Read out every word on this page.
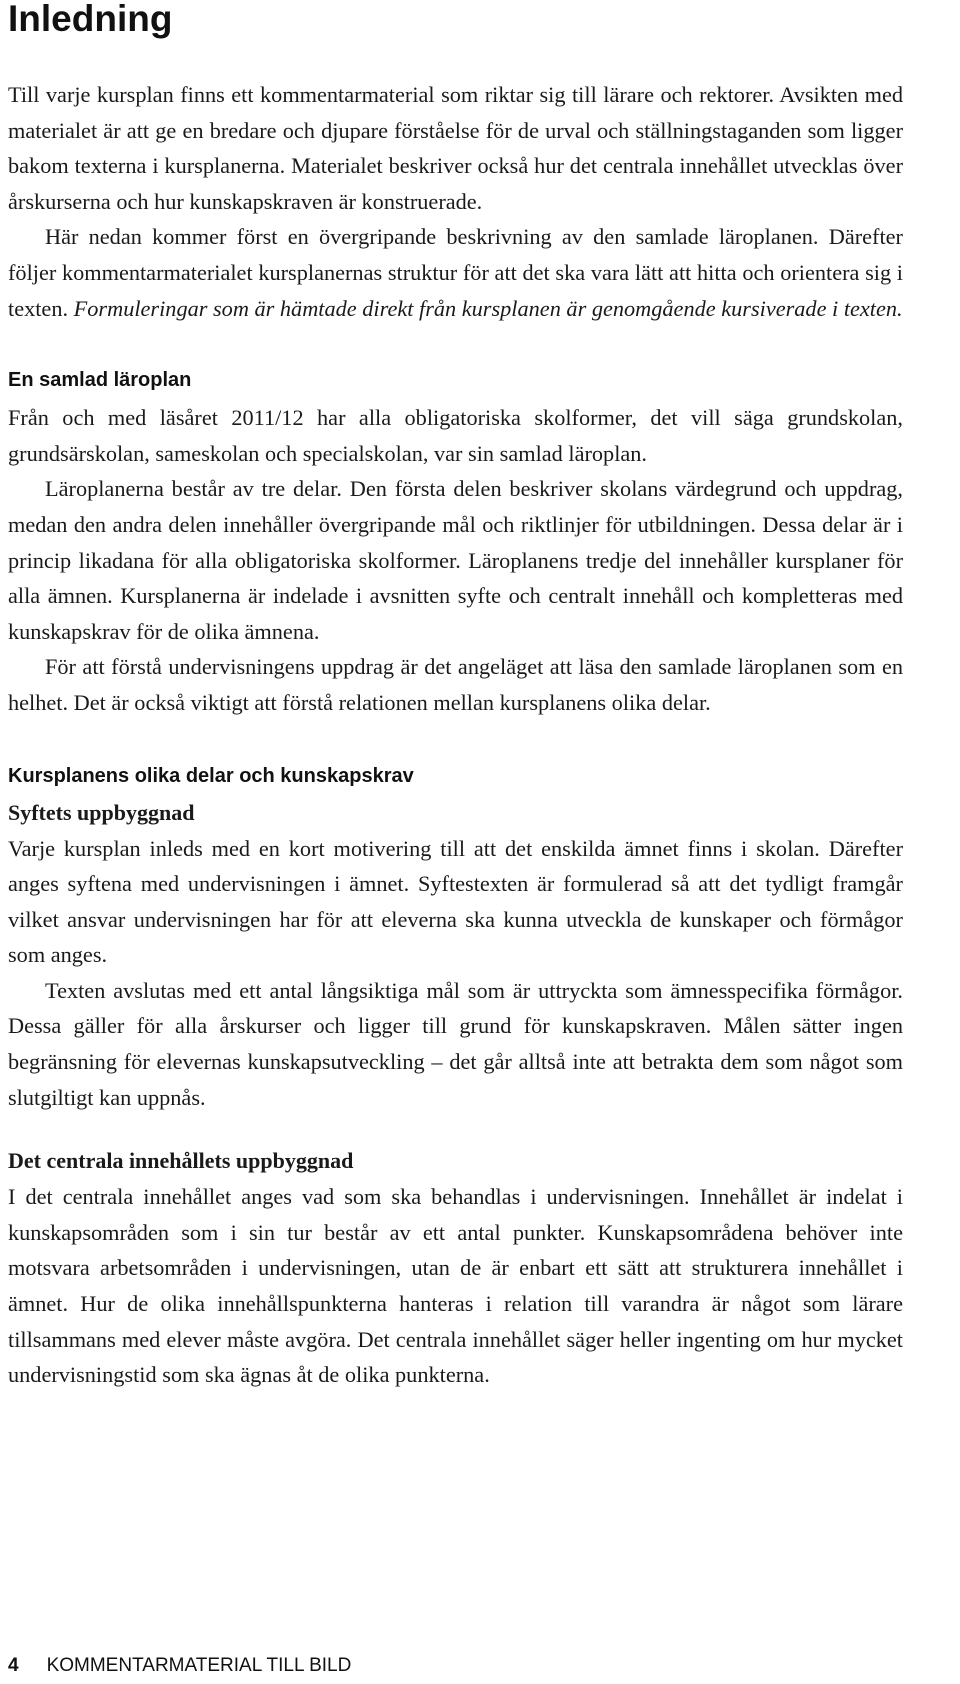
Inledning

Till varje kursplan finns ett kommentarmaterial som riktar sig till lärare och rektorer. Avsikten med materialet är att ge en bredare och djupare förståelse för de urval och ställningstaganden som ligger bakom texterna i kursplanerna. Materialet beskriver också hur det centrala innehållet utvecklas över årskurserna och hur kunskapskraven är konstruerade.

Här nedan kommer först en övergripande beskrivning av den samlade läroplanen. Därefter följer kommentarmaterialet kursplanernas struktur för att det ska vara lätt att hitta och orientera sig i texten. Formuleringar som är hämtade direkt från kursplanen är genomgående kursiverade i texten.

En samlad läroplan

Från och med läsåret 2011/12 har alla obligatoriska skolformer, det vill säga grundskolan, grundsärskolan, sameskolan och specialskolan, var sin samlad läroplan.

Läroplanerna består av tre delar. Den första delen beskriver skolans värdegrund och uppdrag, medan den andra delen innehåller övergripande mål och riktlinjer för utbildningen. Dessa delar är i princip likadana för alla obligatoriska skolformer. Läroplanens tredje del innehåller kursplaner för alla ämnen. Kursplanerna är indelade i avsnitten syfte och centralt innehåll och kompletteras med kunskapskrav för de olika ämnena.

För att förstå undervisningens uppdrag är det angeläget att läsa den samlade läroplanen som en helhet. Det är också viktigt att förstå relationen mellan kursplanens olika delar.

Kursplanens olika delar och kunskapskrav
Syftets uppbyggnad

Varje kursplan inleds med en kort motivering till att det enskilda ämnet finns i skolan. Därefter anges syftena med undervisningen i ämnet. Syftestexten är formulerad så att det tydligt framgår vilket ansvar undervisningen har för att eleverna ska kunna utveckla de kunskaper och förmågor som anges.

Texten avslutas med ett antal långsiktiga mål som är uttryckta som ämnesspecifika förmågor. Dessa gäller för alla årskurser och ligger till grund för kunskapskraven. Målen sätter ingen begränsning för elevernas kunskapsutveckling – det går alltså inte att betrakta dem som något som slutgiltigt kan uppnås.

Det centrala innehållets uppbyggnad

I det centrala innehållet anges vad som ska behandlas i undervisningen. Innehållet är indelat i kunskapsområden som i sin tur består av ett antal punkter. Kunskapsområdena behöver inte motsvara arbetsområden i undervisningen, utan de är enbart ett sätt att strukturera innehållet i ämnet. Hur de olika innehållspunkterna hanteras i relation till varandra är något som lärare tillsammans med elever måste avgöra. Det centrala innehållet säger heller ingenting om hur mycket undervisningstid som ska ägnas åt de olika punkterna.

4 KOMMENTARMATERIAL TILL BILD
